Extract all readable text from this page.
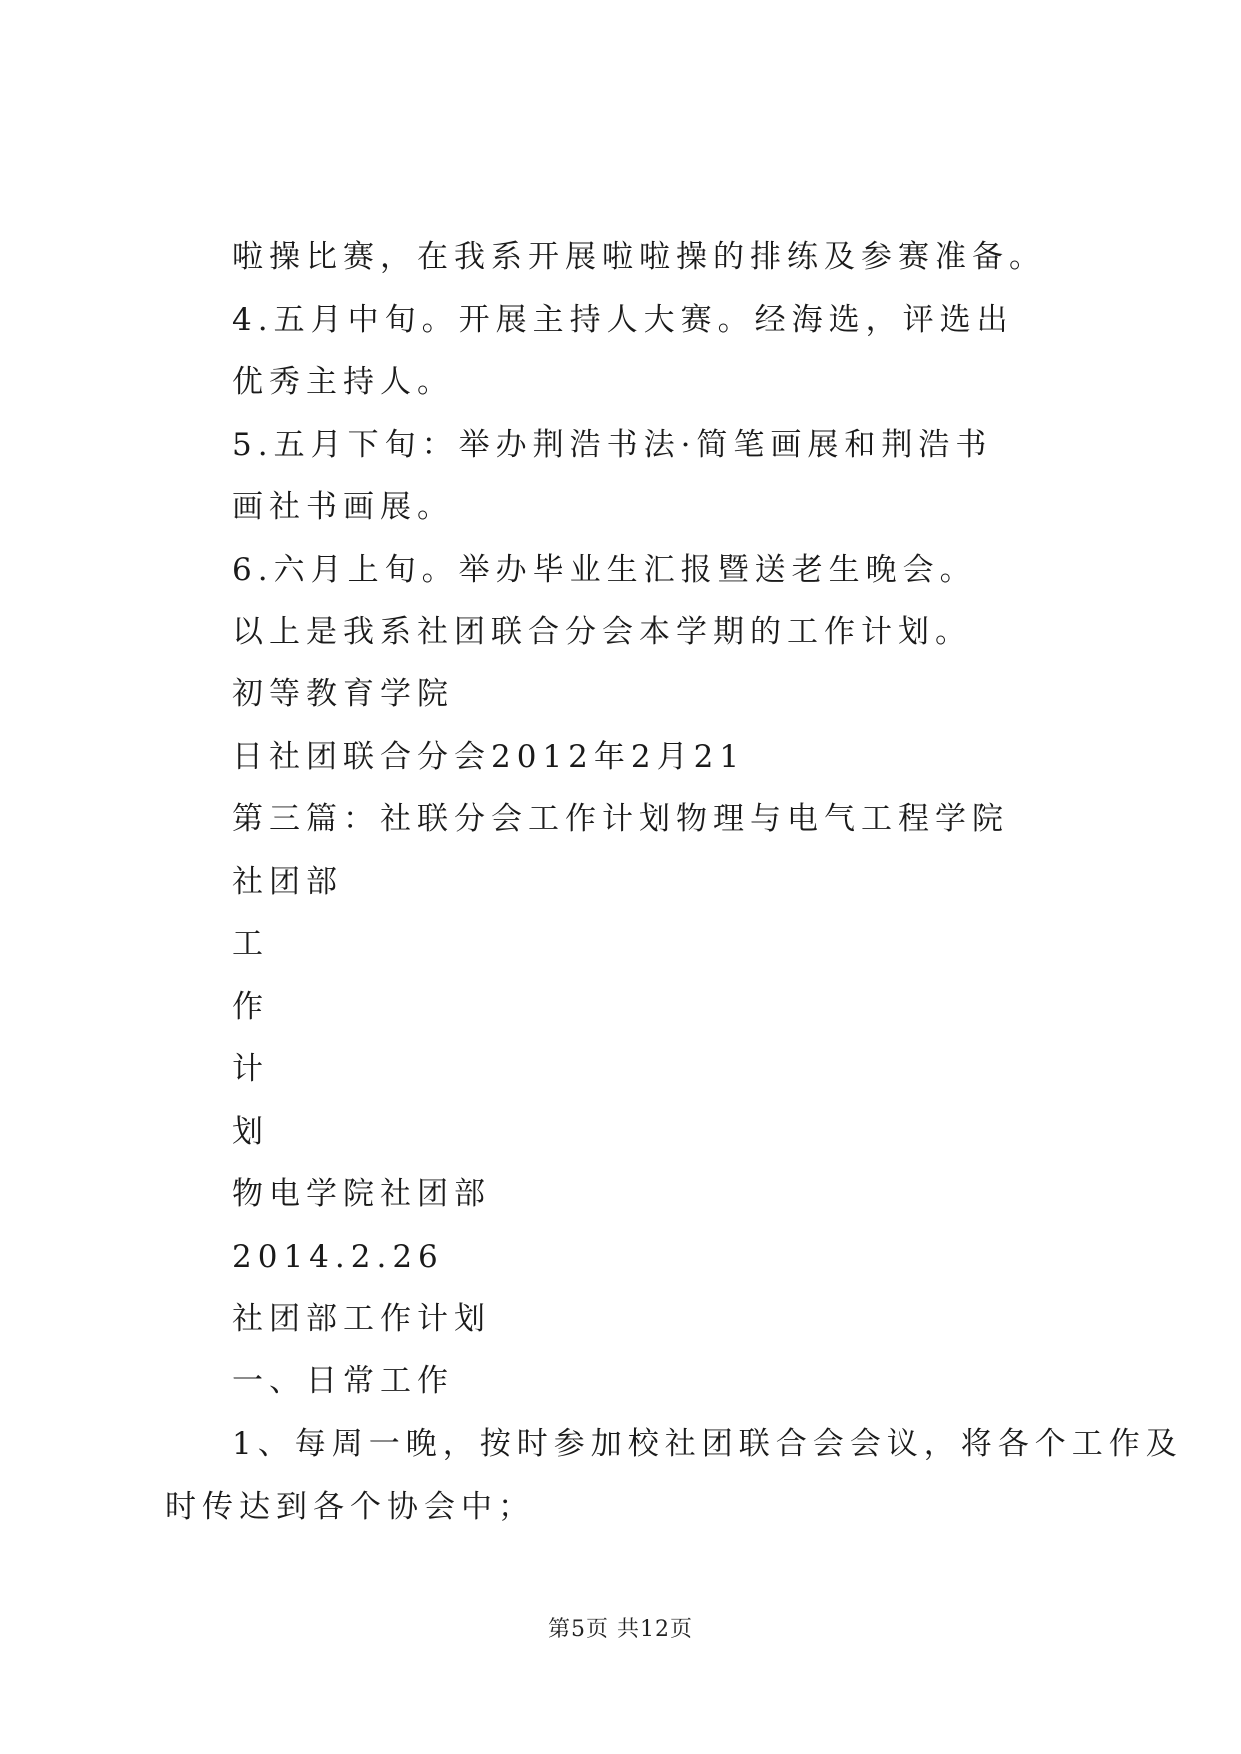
啦操比赛，在我系开展啦啦操的排练及参赛准备。
4.五月中旬。开展主持人大赛。经海选，评选出
优秀主持人。
5.五月下旬：举办荆浩书法·简笔画展和荆浩书
画社书画展。
6.六月上旬。举办毕业生汇报暨送老生晚会。
以上是我系社团联合分会本学期的工作计划。
初等教育学院
日社团联合分会2012年2月21
第三篇：社联分会工作计划物理与电气工程学院
社团部
工
作
计
划
物电学院社团部
2014.2.26
社团部工作计划
一、日常工作
1、每周一晚，按时参加校社团联合会会议，将各个工作及
时传达到各个协会中；
第5页 共12页
